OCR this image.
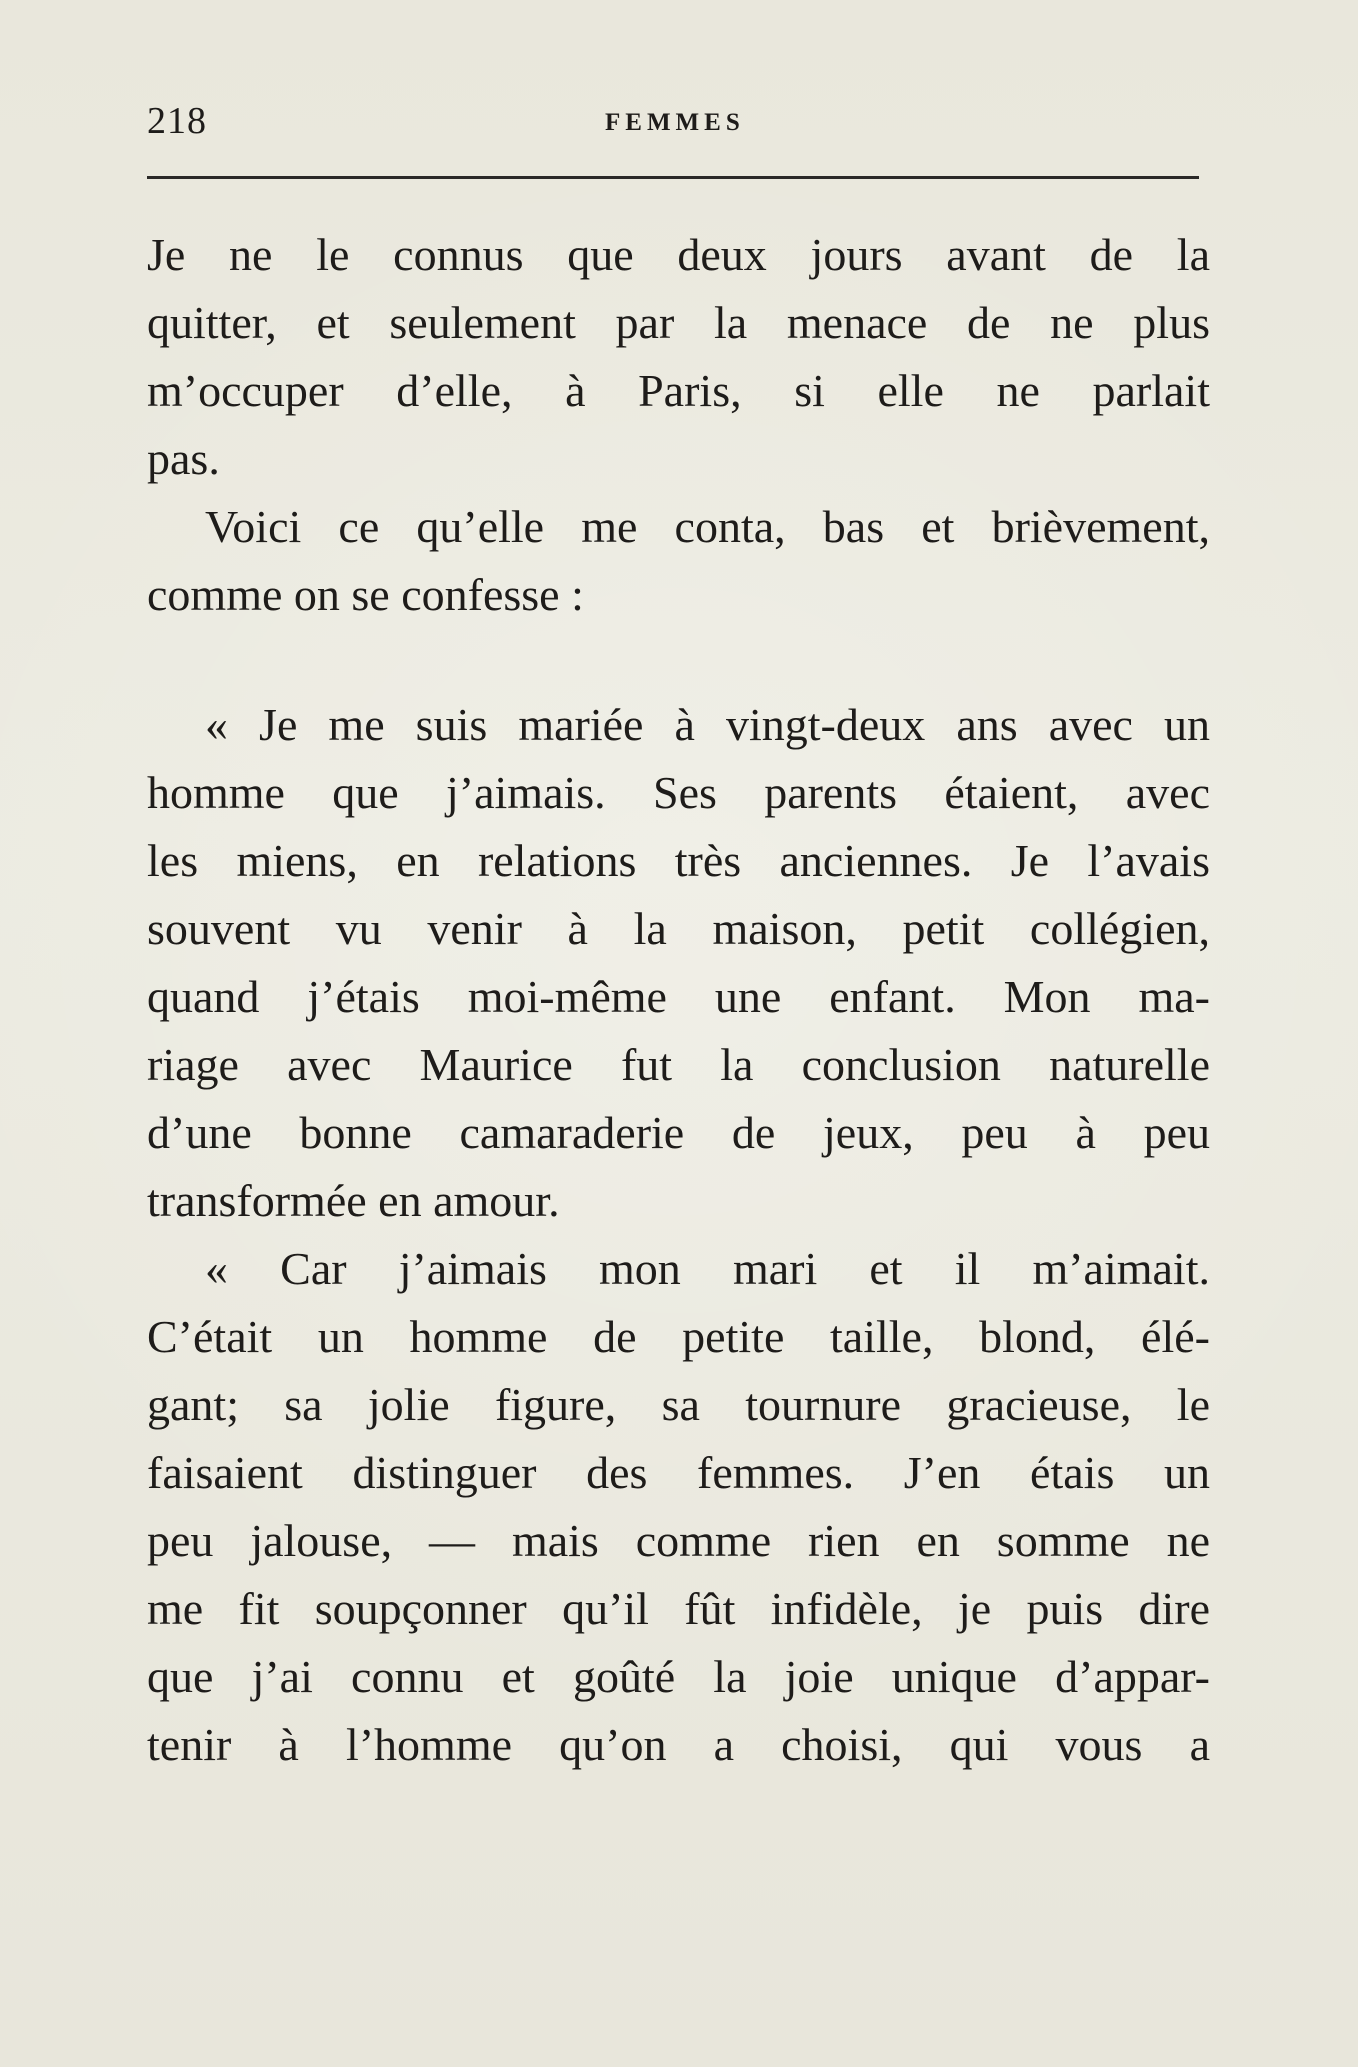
218	FEMMES
Je ne le connus que deux jours avant de la
quitter, et seulement par la menace de ne plus
m’occuper d’elle, à Paris, si elle ne parlait
pas.
Voici ce qu’elle me conta, bas et brièvement,
comme on se confesse :
« Je me suis mariée à vingt-deux ans avec un
homme que j’aimais. Ses parents étaient, avec
les miens, en relations très anciennes. Je l’avais
souvent vu venir à la maison, petit collégien,
quand j’étais moi-même une enfant. Mon ma-
riage avec Maurice fut la conclusion naturelle
d’une bonne camaraderie de jeux, peu à peu
transformée en amour.
« Car j’aimais mon mari et il m’aimait.
C’était un homme de petite taille, blond, élé-
gant; sa jolie figure, sa tournure gracieuse, le
faisaient distinguer des femmes. J’en étais un
peu jalouse, — mais comme rien en somme ne
me fit soupçonner qu’il fût infidèle, je puis dire
que j’ai connu et goûté la joie unique d’appar-
tenir à l’homme qu’on a choisi, qui vous a
